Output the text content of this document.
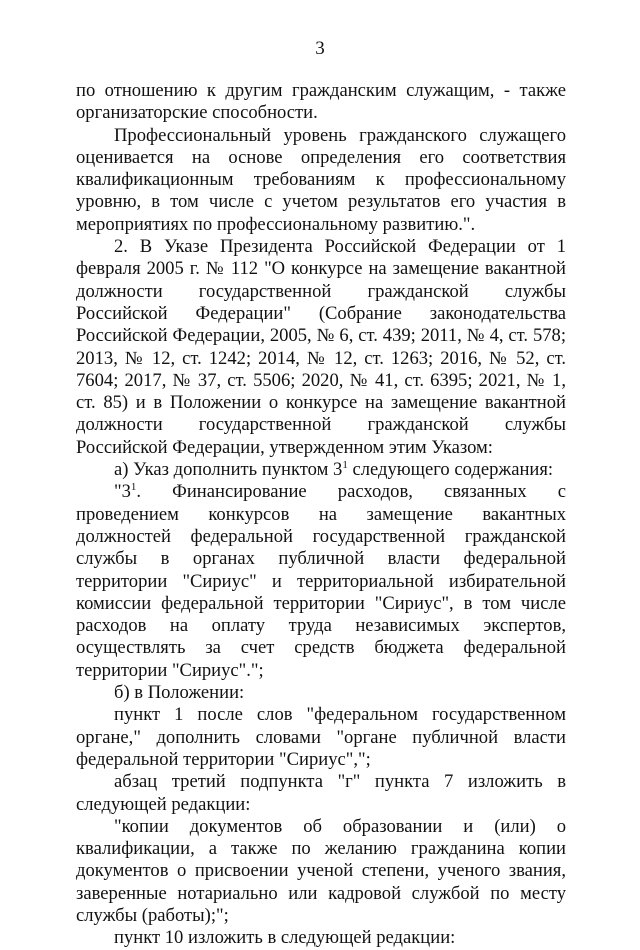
3

по отношению к другим гражданским служащим, - также организаторские способности.

Профессиональный уровень гражданского служащего оценивается на основе определения его соответствия квалификационным требованиям к профессиональному уровню, в том числе с учетом результатов его участия в мероприятиях по профессиональному развитию.".

2. В Указе Президента Российской Федерации от 1 февраля 2005 г. № 112 "О конкурсе на замещение вакантной должности государственной гражданской службы Российской Федерации" (Собрание законодательства Российской Федерации, 2005, № 6, ст. 439; 2011, № 4, ст. 578; 2013, № 12, ст. 1242; 2014, № 12, ст. 1263; 2016, № 52, ст. 7604; 2017, № 37, ст. 5506; 2020, № 41, ст. 6395; 2021, № 1, ст. 85) и в Положении о конкурсе на замещение вакантной должности государственной гражданской службы Российской Федерации, утвержденном этим Указом:

а) Указ дополнить пунктом $3^1$ следующего содержания:

"$3^1$. Финансирование расходов, связанных с проведением конкурсов на замещение вакантных должностей федеральной государственной гражданской службы в органах публичной власти федеральной территории "Сириус" и территориальной избирательной комиссии федеральной территории "Сириус", в том числе расходов на оплату труда независимых экспертов, осуществлять за счет средств бюджета федеральной территории "Сириус".";

б) в Положении:

пункт 1 после слов "федеральном государственном органе," дополнить словами "органе публичной власти федеральной территории "Сириус",";

абзац третий подпункта "г" пункта 7 изложить в следующей редакции:

"копии документов об образовании и (или) о квалификации, а также по желанию гражданина копии документов о присвоении ученой степени, ученого звания, заверенные нотариально или кадровой службой по месту службы (работы);";

пункт 10 изложить в следующей редакции:
